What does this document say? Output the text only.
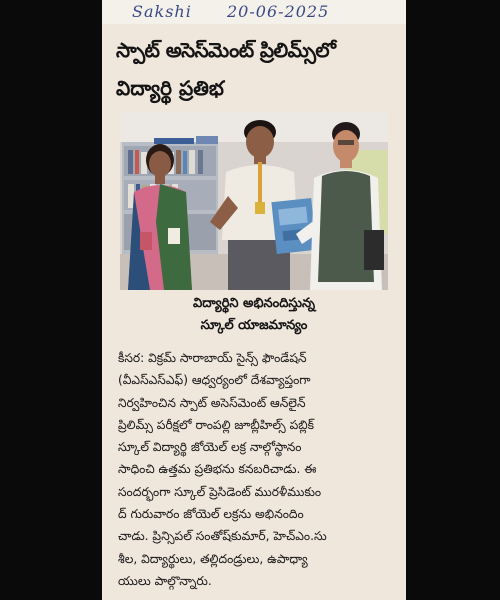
Sakshi 20-06-2025
స్పాట్ అసెస్‌మెంట్ ప్రిలిమ్స్‌లో
విద్యార్థి ప్రతిభ
విద్యార్థిని అభినందిస్తున్న
స్కూల్ యాజమాన్యం
కీసర: విక్రమ్ సారాబాయ్ సైన్స్ ఫౌండేషన్
(వీఎస్ఎస్ఎఫ్) ఆధ్వర్యంలో దేశవ్యాప్తంగా
నిర్వహించిన స్పాట్ అసెస్‌మెంట్ ఆన్‌లైన్
ప్రిలిమ్స్ పరీక్షలో రాంపల్లి జూబ్లీహిల్స్ పబ్లిక్
స్కూల్ విద్యార్థి జోయెల్ లక్ర నాల్గోస్థానం
సాధించి ఉత్తమ ప్రతిభను కనబరిచాడు. ఈ
సందర్భంగా స్కూల్ ప్రెసిడెంట్ మురళీముకుం
ద్ గురువారం జోయెల్ లక్రను అభినందిం
చాడు. ప్రిన్సిపల్ సంతోష్‌కుమార్, హెచ్‌ఎం.సు
శీల, విద్యార్థులు, తల్లిదండ్రులు, ఉపాధ్యా
యులు పాల్గొన్నారు.
